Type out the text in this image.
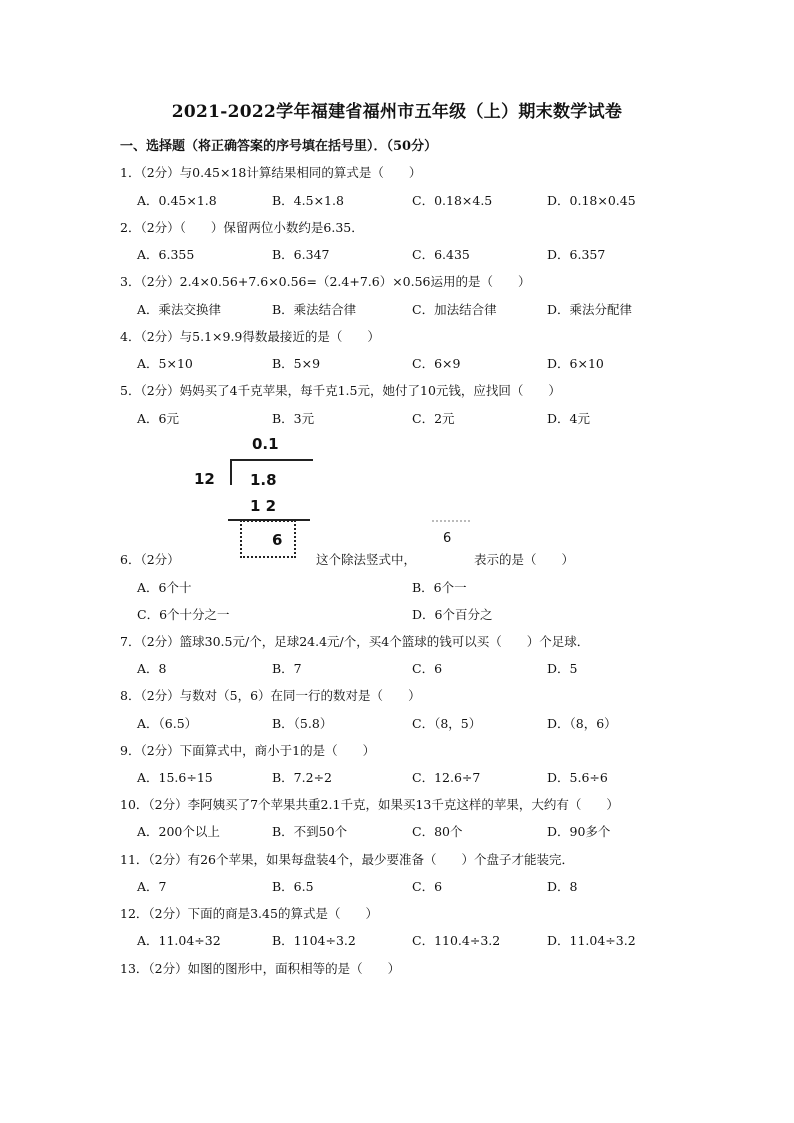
2021-2022学年福建省福州市五年级（上）期末数学试卷
一、选择题（将正确答案的序号填在括号里）．（50分）
1．（2分）与0.45×18计算结果相同的算式是（　　）
A．0.45×1.8	B．4.5×1.8	C．0.18×4.5	D．0.18×0.45
2．（2分）（　　）保留两位小数约是6.35．
A．6.355	B．6.347	C．6.435	D．6.357
3．（2分）2.4×0.56+7.6×0.56=（2.4+7.6）×0.56运用的是（　　）
A．乘法交换律	B．乘法结合律	C．加法结合律	D．乘法分配律
4．（2分）与5.1×9.9得数最接近的是（　　）
A．5×10	B．5×9	C．6×9	D．6×10
5．（2分）妈妈买了4千克苹果，每千克1.5元，她付了10元钱，应找回（　　）
A．6元	B．3元	C．2元	D．4元
0.1
12 1.8
1 2
6
6．（2分）	这个除法竖式中，
6
表示的是（　　）
A．6个十	B．6个一
C．6个十分之一	D．6个百分之
7．（2分）篮球30.5元/个，足球24.4元/个，买4个篮球的钱可以买（　　）个足球．
A．8	B．7	C．6	D．5
8．（2分）与数对（5，6）在同一行的数对是（　　）
A．（6.5）	B．（5.8）	C．（8，5）	D．（8，6）
9．（2分）下面算式中，商小于1的是（　　）
A．15.6÷15	B．7.2÷2	C．12.6÷7	D．5.6÷6
10．（2分）李阿姨买了7个苹果共重2.1千克，如果买13千克这样的苹果，大约有（　　）
A．200个以上	B．不到50个	C．80个	D．90多个
11．（2分）有26个苹果，如果每盘装4个，最少要准备（　　）个盘子才能装完．
A．7	B．6.5	C．6	D．8
12．（2分）下面的商是3.45的算式是（　　）
A．11.04÷32	B．1104÷3.2	C．110.4÷3.2	D．11.04÷3.2
13．（2分）如图的图形中，面积相等的是（　　）
